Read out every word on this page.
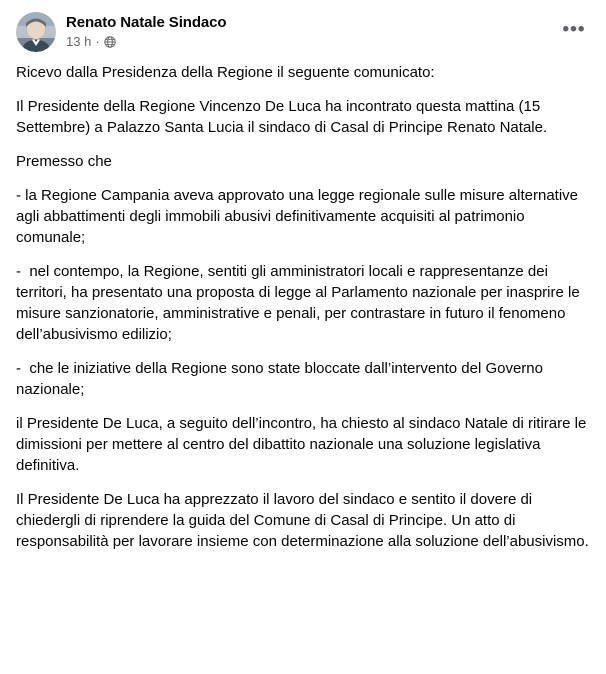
Renato Natale Sindaco
13 h ·
•••

Ricevo dalla Presidenza della Regione il seguente comunicato:

Il Presidente della Regione Vincenzo De Luca ha incontrato questa mattina (15 Settembre) a Palazzo Santa Lucia il sindaco di Casal di Principe Renato Natale.

Premesso che

- la Regione Campania aveva approvato una legge regionale sulle misure alternative agli abbattimenti degli immobili abusivi definitivamente acquisiti al patrimonio comunale;

-  nel contempo, la Regione, sentiti gli amministratori locali e rappresentanze dei territori, ha presentato una proposta di legge al Parlamento nazionale per inasprire le misure sanzionatorie, amministrative e penali, per contrastare in futuro il fenomeno dell’abusivismo edilizio;

-  che le iniziative della Regione sono state bloccate dall’intervento del Governo nazionale;

il Presidente De Luca, a seguito dell’incontro, ha chiesto al sindaco Natale di ritirare le dimissioni per mettere al centro del dibattito nazionale una soluzione legislativa definitiva.

Il Presidente De Luca ha apprezzato il lavoro del sindaco e sentito il dovere di chiedergli di riprendere la guida del Comune di Casal di Principe. Un atto di responsabilità per lavorare insieme con determinazione alla soluzione dell’abusivismo.
